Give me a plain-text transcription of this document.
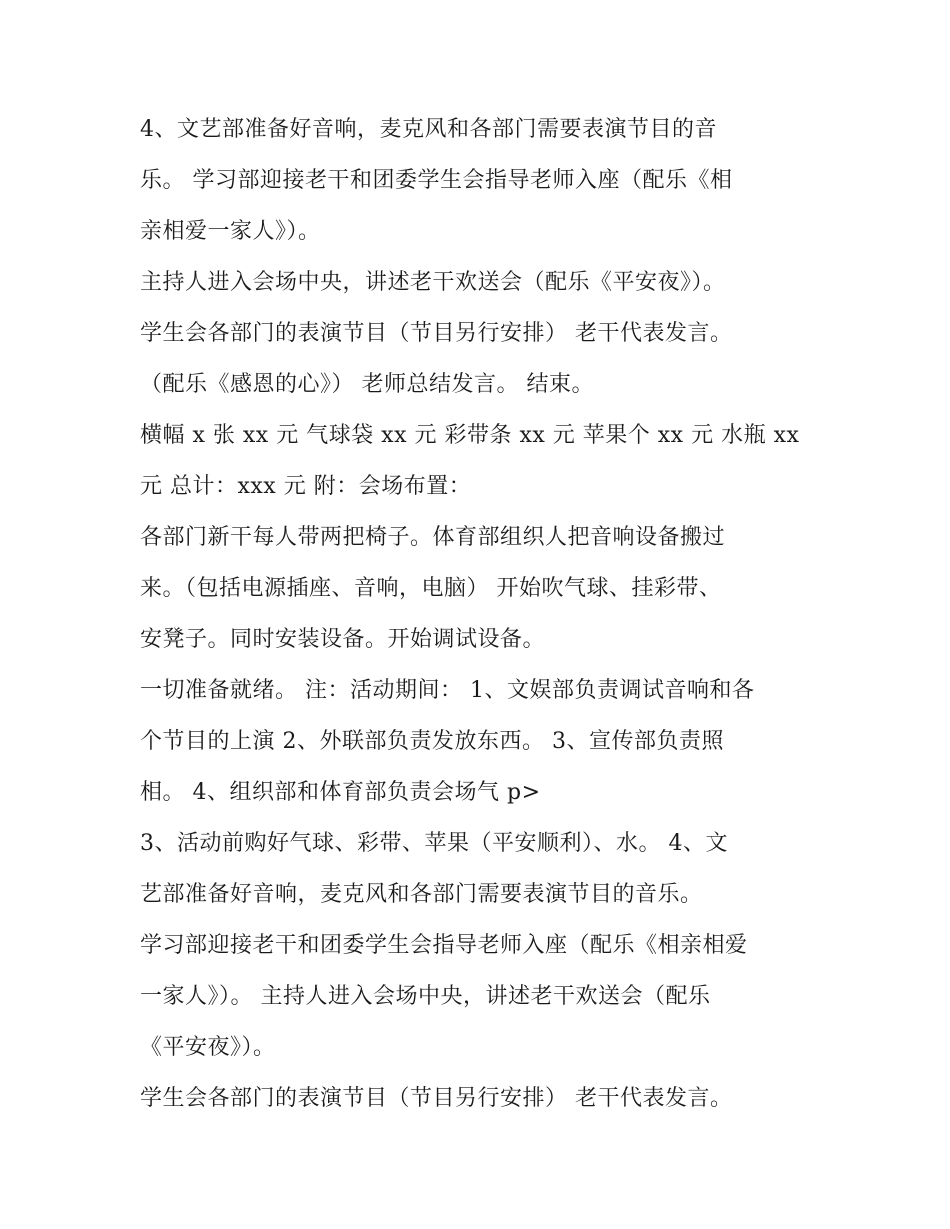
4、文艺部准备好音响，麦克风和各部门需要表演节目的音
乐。 学习部迎接老干和团委学生会指导老师入座（配乐《相
亲相爱一家人》）。
主持人进入会场中央，讲述老干欢送会（配乐《平安夜》）。
学生会各部门的表演节目（节目另行安排） 老干代表发言。
（配乐《感恩的心》） 老师总结发言。 结束。
横幅 x 张 xx 元 气球袋 xx 元 彩带条 xx 元 苹果个 xx 元 水瓶 xx
元 总计：xxx 元 附：会场布置：
各部门新干每人带两把椅子。体育部组织人把音响设备搬过
来。（包括电源插座、音响，电脑） 开始吹气球、挂彩带、
安凳子。同时安装设备。开始调试设备。
一切准备就绪。 注：活动期间： 1、文娱部负责调试音响和各
个节目的上演 2、外联部负责发放东西。 3、宣传部负责照
相。 4、组织部和体育部负责会场气 p>
3、活动前购好气球、彩带、苹果（平安顺利）、水。 4、文
艺部准备好音响，麦克风和各部门需要表演节目的音乐。
学习部迎接老干和团委学生会指导老师入座（配乐《相亲相爱
一家人》）。 主持人进入会场中央，讲述老干欢送会（配乐
《平安夜》）。
学生会各部门的表演节目（节目另行安排） 老干代表发言。
